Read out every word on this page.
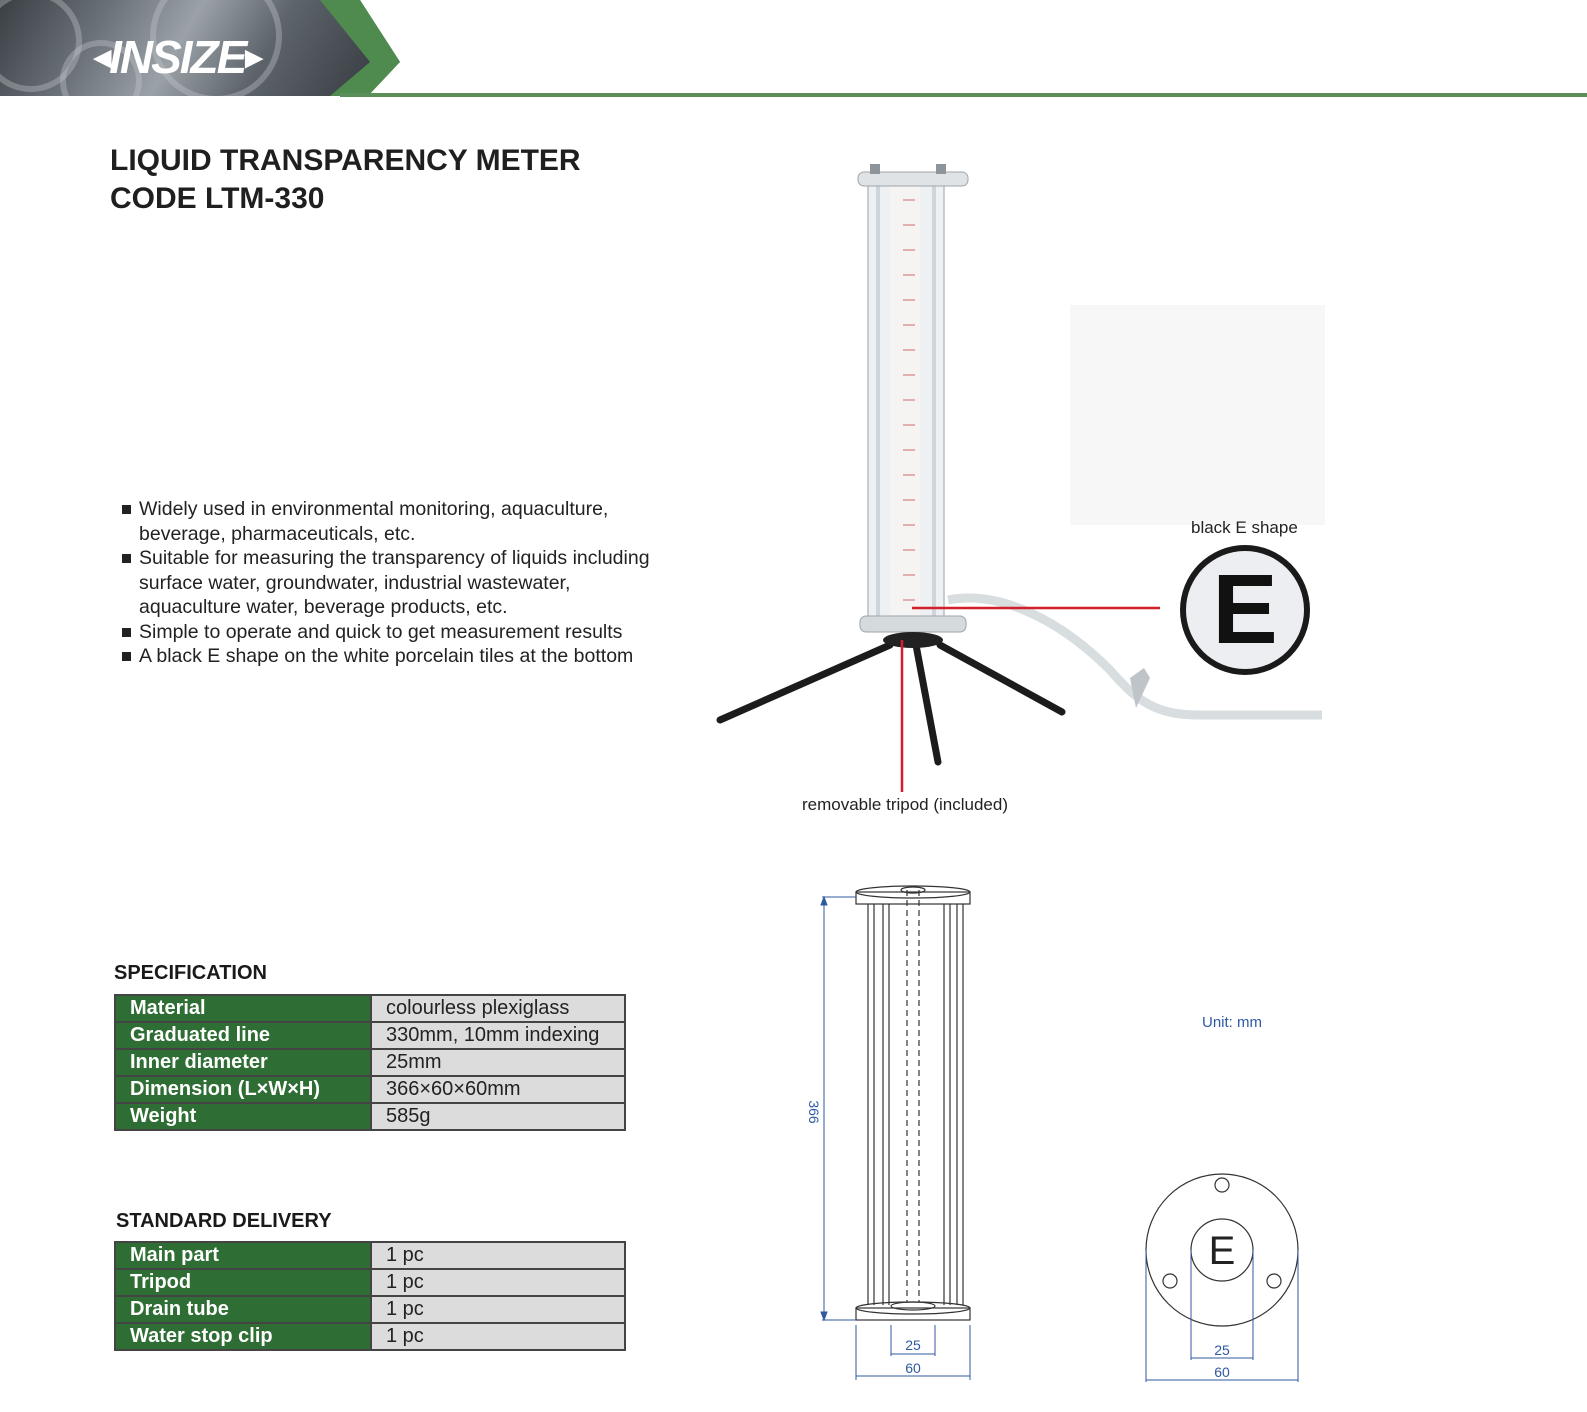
◂ INSIZE ▸
LIQUID TRANSPARENCY METER
CODE LTM-330
Widely used in environmental monitoring, aquaculture,
beverage, pharmaceuticals, etc.
Suitable for measuring the transparency of liquids including
surface water, groundwater, industrial wastewater,
aquaculture water, beverage products, etc.
Simple to operate and quick to get measurement results
A black E shape on the white porcelain tiles at the bottom	E
black E shape
removable tripod (included)
SPECIFICATION
Material	colourless plexiglass
Graduated line	330mm, 10mm indexing
Inner diameter	25mm
Dimension (L×W×H)	366×60×60mm
Weight	585g
STANDARD DELIVERY
Main part	1 pc
Tripod	1 pc
Drain tube	1 pc
Water stop clip	1 pc
366
25
60
E
25
60
Unit: mm
